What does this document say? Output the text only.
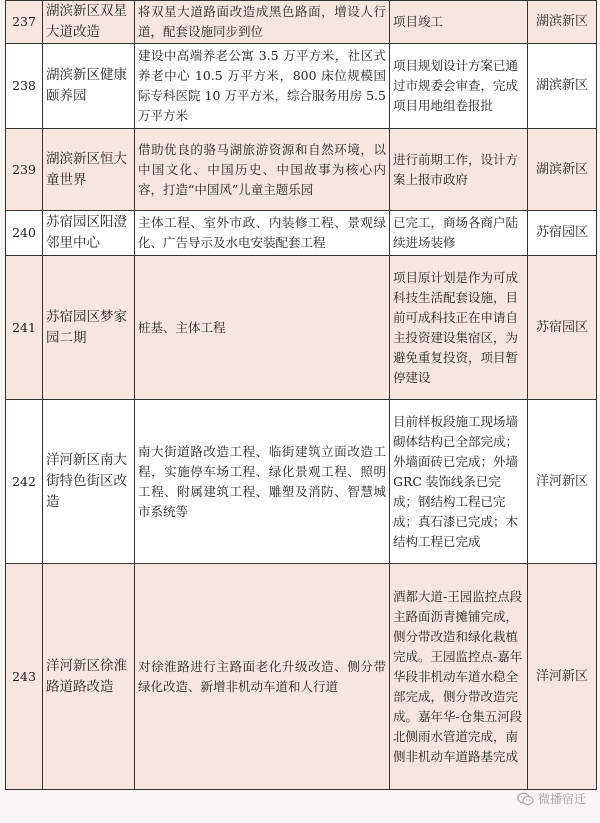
237	湖滨新区双星大道改造	将双星大道路面改造成黑色路面，增设人行道，配套设施同步到位	项目竣工	湖滨新区
238	湖滨新区健康颐养园	建设中高端养老公寓 3.5 万平方米，社区式养老中心 10.5 万平方米，800 床位规模国际专科医院 10 万平方米，综合服务用房 5.5 万平方米	项目规划设计方案已通过市规委会审查，完成项目用地组卷报批	湖滨新区
239	湖滨新区恒大童世界	借助优良的骆马湖旅游资源和自然环境，以中国文化、中国历史、中国故事为核心内容，打造“中国风”儿童主题乐园	进行前期工作，设计方案上报市政府	湖滨新区
240	苏宿园区阳澄邻里中心	主体工程、室外市政、内装修工程、景观绿化、广告导示及水电安装配套工程	已完工，商场各商户陆续进场装修	苏宿园区
241	苏宿园区梦家园二期	桩基、主体工程	项目原计划是作为可成科技生活配套设施，目前可成科技正在申请自主投资建设集宿区，为避免重复投资，项目暂停建设	苏宿园区
242	洋河新区南大街特色街区改造	南大街道路改造工程、临街建筑立面改造工程，实施停车场工程、绿化景观工程、照明工程、附属建筑工程、雕塑及消防、智慧城市系统等	目前样板段施工现场墙砌体结构已全部完成；外墙面砖已完成；外墙 GRC 装饰线条已完成；钢结构工程已完成；真石漆已完成；木结构工程已完成	洋河新区
243	洋河新区徐淮路道路改造	对徐淮路进行主路面老化升级改造、侧分带绿化改造、新增非机动车道和人行道	酒都大道-王园监控点段主路面沥青摊铺完成，侧分带改造和绿化栽植完成。王园监控点-嘉年华段非机动车道水稳全部完成，侧分带改造完成。嘉年华-仓集五河段北侧雨水管道完成，南侧非机动车道路基完成	洋河新区
微播宿迁
